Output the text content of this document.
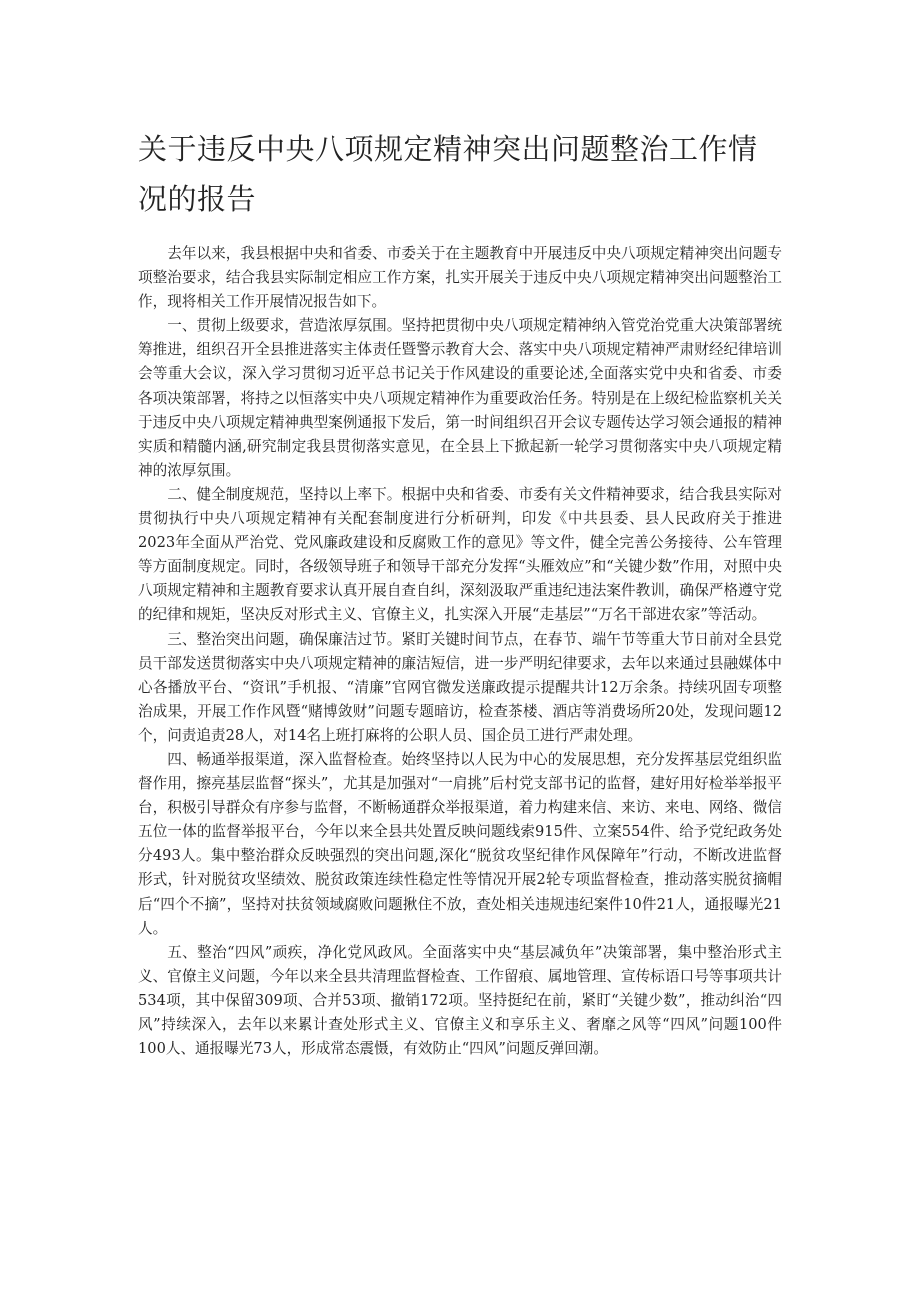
关于违反中央八项规定精神突出问题整治工作情况的报告

去年以来，我县根据中央和省委、市委关于在主题教育中开展违反中央八项规定精神突出问题专项整治要求，结合我县实际制定相应工作方案，扎实开展关于违反中央八项规定精神突出问题整治工作，现将相关工作开展情况报告如下。

一、贯彻上级要求，营造浓厚氛围。坚持把贯彻中央八项规定精神纳入管党治党重大决策部署统筹推进，组织召开全县推进落实主体责任暨警示教育大会、落实中央八项规定精神严肃财经纪律培训会等重大会议，深入学习贯彻习近平总书记关于作风建设的重要论述,全面落实党中央和省委、市委各项决策部署，将持之以恒落实中央八项规定精神作为重要政治任务。特别是在上级纪检监察机关关于违反中央八项规定精神典型案例通报下发后，第一时间组织召开会议专题传达学习领会通报的精神实质和精髓内涵,研究制定我县贯彻落实意见，在全县上下掀起新一轮学习贯彻落实中央八项规定精神的浓厚氛围。

二、健全制度规范，坚持以上率下。根据中央和省委、市委有关文件精神要求，结合我县实际对贯彻执行中央八项规定精神有关配套制度进行分析研判，印发《中共县委、县人民政府关于推进2023年全面从严治党、党风廉政建设和反腐败工作的意见》等文件，健全完善公务接待、公车管理等方面制度规定。同时，各级领导班子和领导干部充分发挥“头雁效应”和“关键少数”作用，对照中央八项规定精神和主题教育要求认真开展自查自纠，深刻汲取严重违纪违法案件教训，确保严格遵守党的纪律和规矩，坚决反对形式主义、官僚主义，扎实深入开展“走基层”“万名干部进农家”等活动。

三、整治突出问题，确保廉洁过节。紧盯关键时间节点，在春节、端午节等重大节日前对全县党员干部发送贯彻落实中央八项规定精神的廉洁短信，进一步严明纪律要求，去年以来通过县融媒体中心各播放平台、“资讯”手机报、“清廉”官网官微发送廉政提示提醒共计12万余条。持续巩固专项整治成果，开展工作作风暨“赌博敛财”问题专题暗访，检查茶楼、酒店等消费场所20处，发现问题12个，问责追责28人，对14名上班打麻将的公职人员、国企员工进行严肃处理。

四、畅通举报渠道，深入监督检查。始终坚持以人民为中心的发展思想，充分发挥基层党组织监督作用，擦亮基层监督“探头”，尤其是加强对“一肩挑”后村党支部书记的监督，建好用好检举举报平台，积极引导群众有序参与监督，不断畅通群众举报渠道，着力构建来信、来访、来电、网络、微信五位一体的监督举报平台，今年以来全县共处置反映问题线索915件、立案554件、给予党纪政务处分493人。集中整治群众反映强烈的突出问题,深化“脱贫攻坚纪律作风保障年”行动，不断改进监督形式，针对脱贫攻坚绩效、脱贫政策连续性稳定性等情况开展2轮专项监督检查，推动落实脱贫摘帽后“四个不摘”，坚持对扶贫领域腐败问题揪住不放，查处相关违规违纪案件10件21人，通报曝光21人。

五、整治“四风”顽疾，净化党风政风。全面落实中央“基层减负年”决策部署，集中整治形式主义、官僚主义问题，今年以来全县共清理监督检查、工作留痕、属地管理、宣传标语口号等事项共计534项，其中保留309项、合并53项、撤销172项。坚持挺纪在前，紧盯“关键少数”，推动纠治“四风”持续深入，去年以来累计查处形式主义、官僚主义和享乐主义、奢靡之风等“四风”问题100件100人、通报曝光73人，形成常态震慑，有效防止“四风”问题反弹回潮。
